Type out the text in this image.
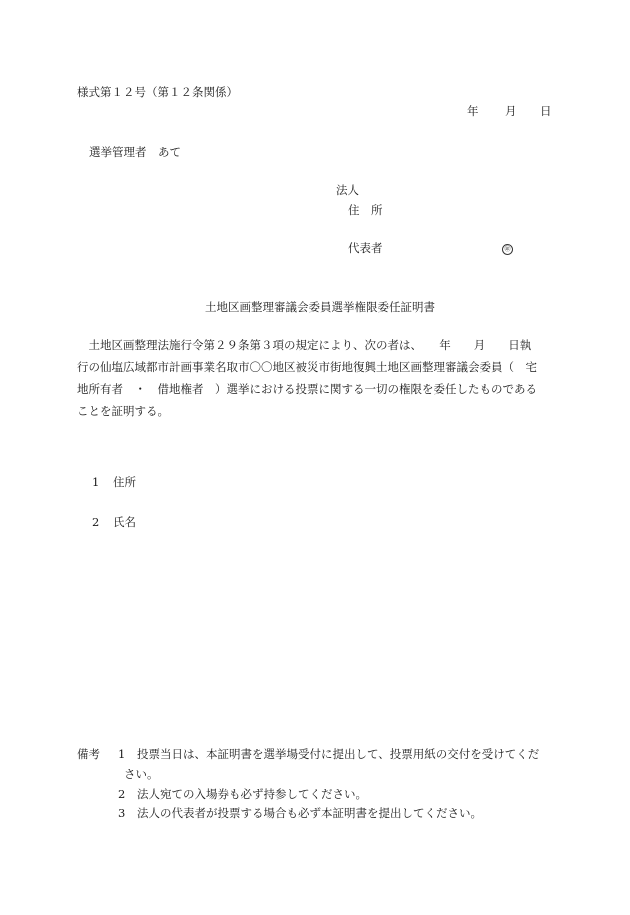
様式第１２号（第１２条関係）
年 月 日
選挙管理者　あて
法人
住　所
代表者	㊞
土地区画整理審議会委員選挙権限委任証明書
　土地区画整理法施行令第２９条第３項の規定により、次の者は、　　年　　月　　日執
行の仙塩広域都市計画事業名取市〇〇地区被災市街地復興土地区画整理審議会委員（　宅
地所有者　・　借地権者　）選挙における投票に関する一切の権限を委任したものである
ことを証明する。
1 住所
2 氏名
備考 1 投票当日は、本証明書を選挙場受付に提出して、投票用紙の交付を受けてくだ
さい。
2 法人宛ての入場券も必ず持参してください。
3 法人の代表者が投票する場合も必ず本証明書を提出してください。
